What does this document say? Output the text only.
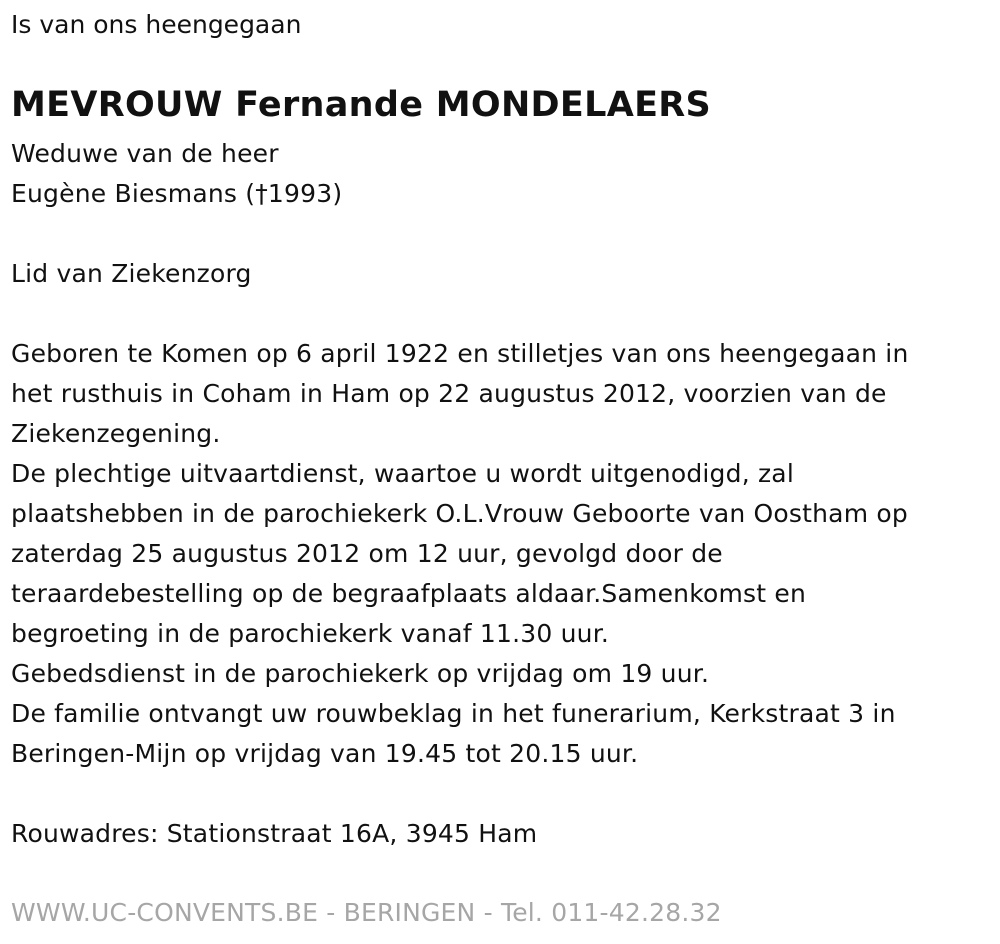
Is van ons heengegaan
MEVROUW Fernande MONDELAERS
Weduwe van de heer
Eugène Biesmans (†1993)
Lid van Ziekenzorg
Geboren te Komen op 6 april 1922 en stilletjes van ons heengegaan in
het rusthuis in Coham in Ham op 22 augustus 2012, voorzien van de
Ziekenzegening.
De plechtige uitvaartdienst, waartoe u wordt uitgenodigd, zal
plaatshebben in de parochiekerk O.L.Vrouw Geboorte van Oostham op
zaterdag 25 augustus 2012 om 12 uur, gevolgd door de
teraardebestelling op de begraafplaats aldaar.Samenkomst en
begroeting in de parochiekerk vanaf 11.30 uur.
Gebedsdienst in de parochiekerk op vrijdag om 19 uur.
De familie ontvangt uw rouwbeklag in het funerarium, Kerkstraat 3 in
Beringen-Mijn op vrijdag van 19.45 tot 20.15 uur.
Rouwadres: Stationstraat 16A, 3945 Ham
WWW.UC-CONVENTS.BE - BERINGEN - Tel. 011-42.28.32
